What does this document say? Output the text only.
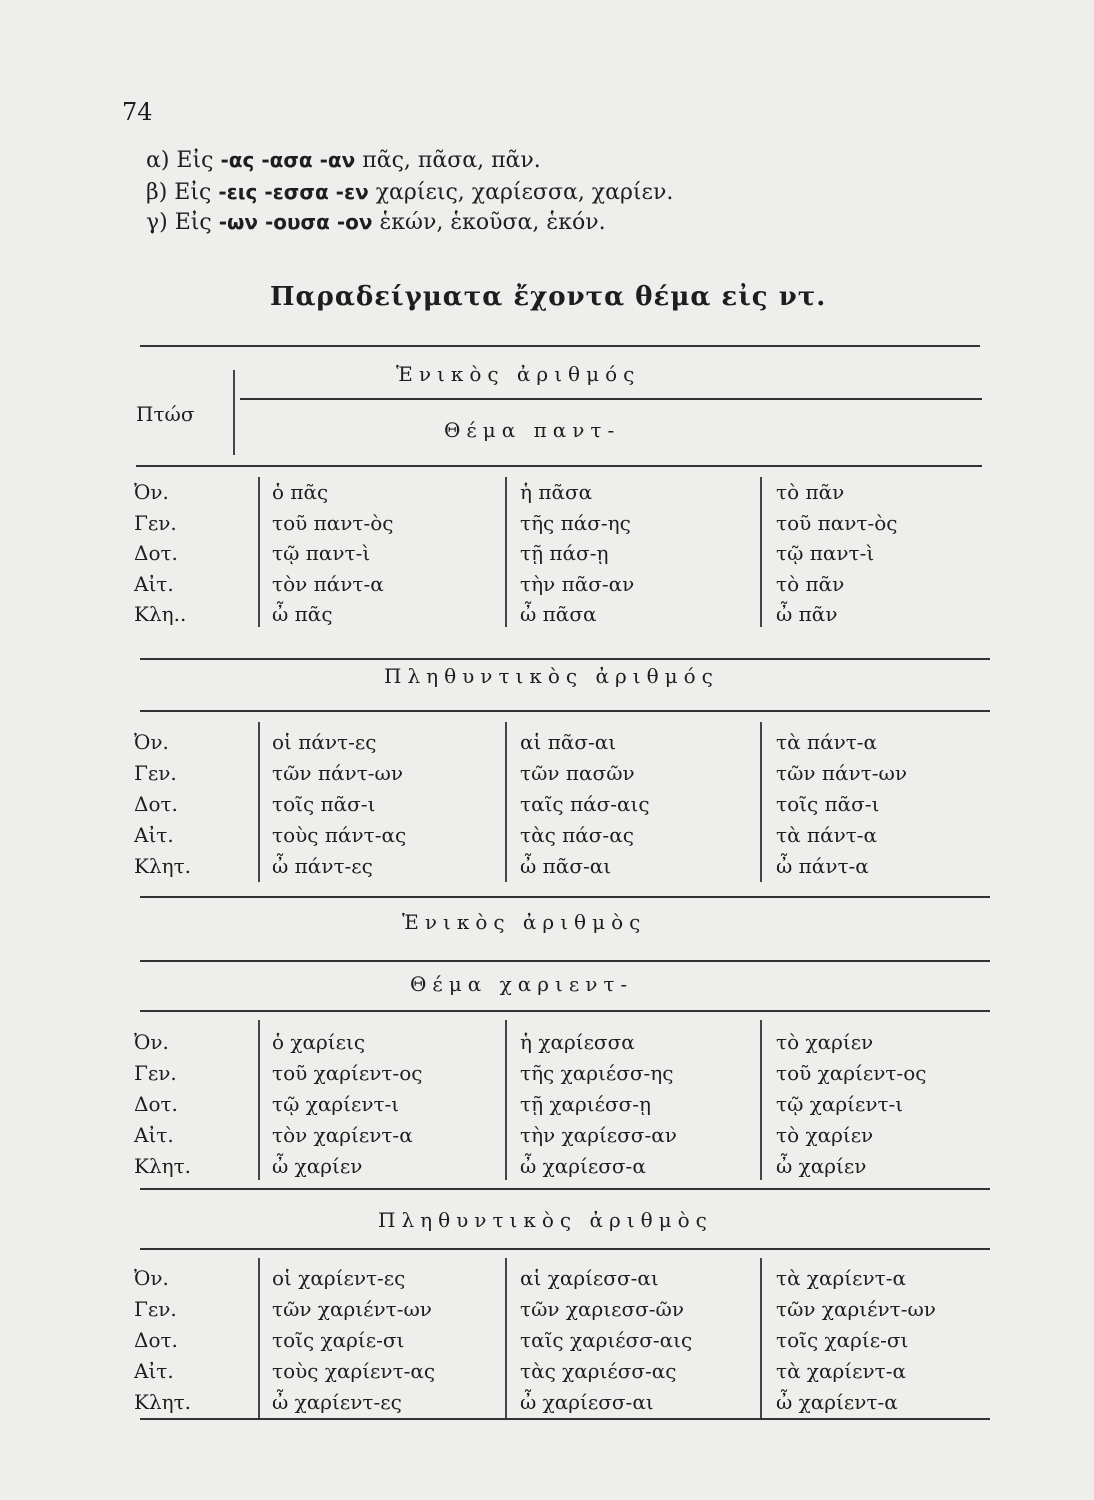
74
α) Εἰς -ας -ασα -αν πᾶς, πᾶσα, πᾶν.
β) Εἰς -εις -εσσα -εν χαρίεις, χαρίεσσα, χαρίεν.
γ) Εἰς -ων -ουσα -ον ἑκών, ἑκοῦσα, ἑκόν.
Παραδείγματα ἔχοντα θέμα εἰς ντ.
Πτώσ
Ἑνικὸς ἀριθμός
Θέμα παντ-
Ὀν.	ὁ πᾶς	ἡ πᾶσα	τὸ πᾶν
Γεν.	τοῦ παντ-ὸς	τῆς πάσ-ης	τοῦ παντ-ὸς
Δοτ.	τῷ παντ-ὶ	τῇ πάσ-ῃ	τῷ παντ-ὶ
Αἰτ.	τὸν πάντ-α	τὴν πᾶσ-αν	τὸ πᾶν
Κλη..	ὦ πᾶς	ὦ πᾶσα	ὦ πᾶν
Πληθυντικὸς ἀριθμός
Ὀν.	οἱ πάντ-ες	αἱ πᾶσ-αι	τὰ πάντ-α
Γεν.	τῶν πάντ-ων	τῶν πασῶν	τῶν πάντ-ων
Δοτ.	τοῖς πᾶσ-ι	ταῖς πάσ-αις	τοῖς πᾶσ-ι
Αἰτ.	τοὺς πάντ-ας	τὰς πάσ-ας	τὰ πάντ-α
Κλητ.	ὦ πάντ-ες	ὦ πᾶσ-αι	ὦ πάντ-α
Ἑνικὸς ἀριθμὸς
Θέμα χαριεντ-
Ὀν.	ὁ χαρίεις	ἡ χαρίεσσα	τὸ χαρίεν
Γεν.	τοῦ χαρίεντ-ος	τῆς χαριέσσ-ης	τοῦ χαρίεντ-ος
Δοτ.	τῷ χαρίεντ-ι	τῇ χαριέσσ-ῃ	τῷ χαρίεντ-ι
Αἰτ.	τὸν χαρίεντ-α	τὴν χαρίεσσ-αν	τὸ χαρίεν
Κλητ.	ὦ χαρίεν	ὦ χαρίεσσ-α	ὦ χαρίεν
Πληθυντικὸς ἀριθμὸς
Ὀν.	οἱ χαρίεντ-ες	αἱ χαρίεσσ-αι	τὰ χαρίεντ-α
Γεν.	τῶν χαριέντ-ων	τῶν χαριεσσ-ῶν	τῶν χαριέντ-ων
Δοτ.	τοῖς χαρίε-σι	ταῖς χαριέσσ-αις	τοῖς χαρίε-σι
Αἰτ.	τοὺς χαρίεντ-ας	τὰς χαριέσσ-ας	τὰ χαρίεντ-α
Κλητ.	ὦ χαρίεντ-ες	ὦ χαρίεσσ-αι	ὦ χαρίεντ-α
